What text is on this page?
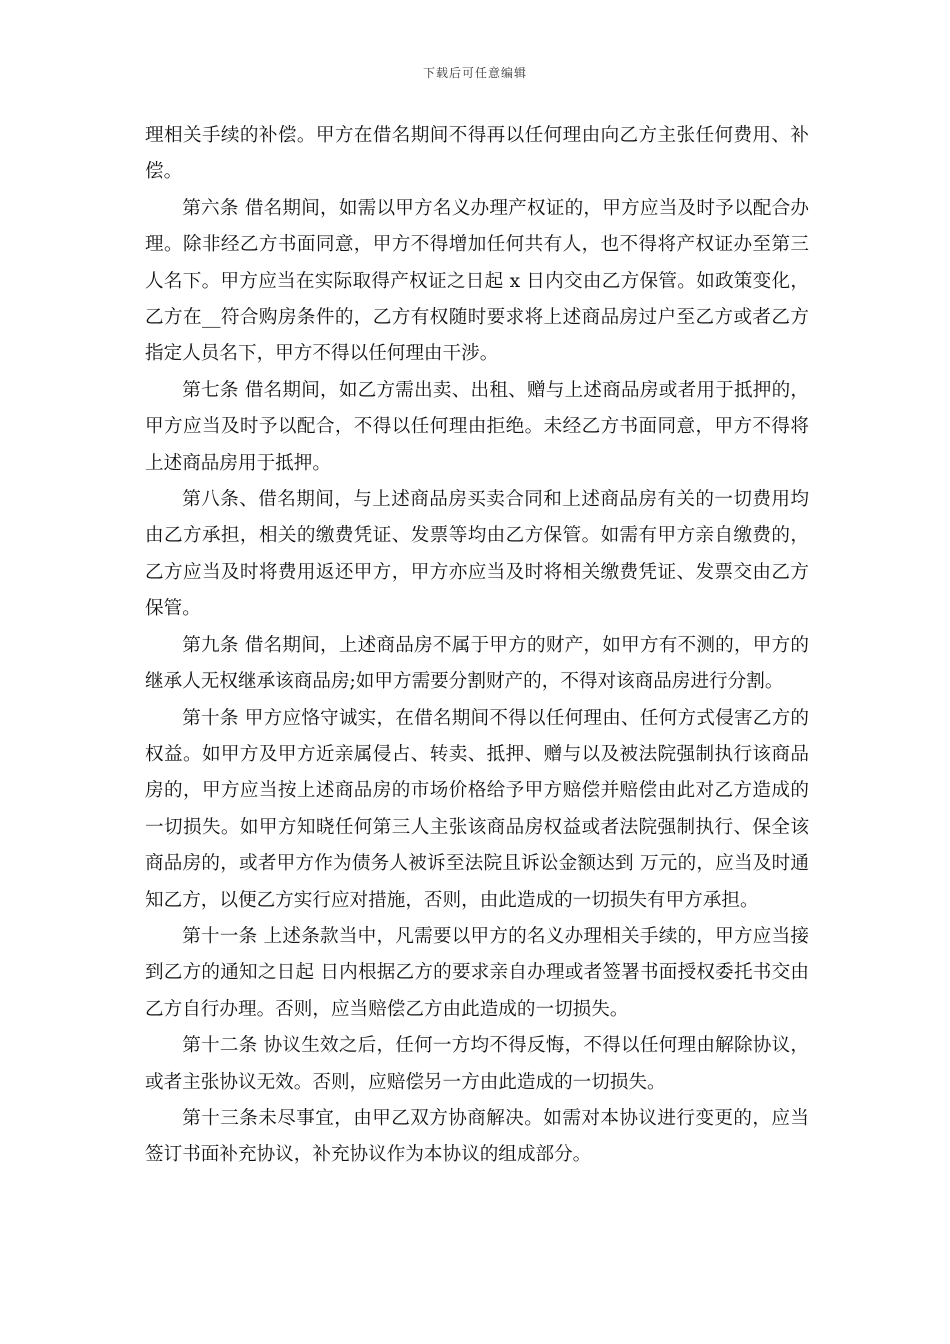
下载后可任意编辑

理相关手续的补偿。甲方在借名期间不得再以任何理由向乙方主张任何费用、补偿。

第六条 借名期间，如需以甲方名义办理产权证的，甲方应当及时予以配合办理。除非经乙方书面同意，甲方不得增加任何共有人，也不得将产权证办至第三人名下。甲方应当在实际取得产权证之日起 x 日内交由乙方保管。如政策变化，乙方在__符合购房条件的，乙方有权随时要求将上述商品房过户至乙方或者乙方指定人员名下，甲方不得以任何理由干涉。

第七条 借名期间，如乙方需出卖、出租、赠与上述商品房或者用于抵押的，甲方应当及时予以配合，不得以任何理由拒绝。未经乙方书面同意，甲方不得将上述商品房用于抵押。

第八条、借名期间，与上述商品房买卖合同和上述商品房有关的一切费用均由乙方承担，相关的缴费凭证、发票等均由乙方保管。如需有甲方亲自缴费的，乙方应当及时将费用返还甲方，甲方亦应当及时将相关缴费凭证、发票交由乙方保管。

第九条 借名期间，上述商品房不属于甲方的财产，如甲方有不测的，甲方的继承人无权继承该商品房;如甲方需要分割财产的，不得对该商品房进行分割。

第十条 甲方应恪守诚实，在借名期间不得以任何理由、任何方式侵害乙方的权益。如甲方及甲方近亲属侵占、转卖、抵押、赠与以及被法院强制执行该商品房的，甲方应当按上述商品房的市场价格给予甲方赔偿并赔偿由此对乙方造成的一切损失。如甲方知晓任何第三人主张该商品房权益或者法院强制执行、保全该商品房的，或者甲方作为债务人被诉至法院且诉讼金额达到 万元的，应当及时通知乙方，以便乙方实行应对措施，否则，由此造成的一切损失有甲方承担。

第十一条 上述条款当中，凡需要以甲方的名义办理相关手续的，甲方应当接到乙方的通知之日起 日内根据乙方的要求亲自办理或者签署书面授权委托书交由乙方自行办理。否则，应当赔偿乙方由此造成的一切损失。

第十二条 协议生效之后，任何一方均不得反悔，不得以任何理由解除协议，或者主张协议无效。否则，应赔偿另一方由此造成的一切损失。

第十三条未尽事宜，由甲乙双方协商解决。如需对本协议进行变更的，应当签订书面补充协议，补充协议作为本协议的组成部分。
